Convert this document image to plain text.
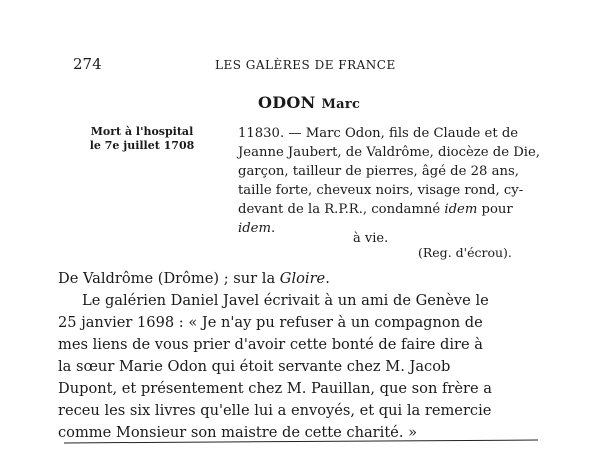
274	LES GALÈRES DE FRANCE
ODON Marc
Mort à l'hospital
le 7e juillet 1708
11830. — Marc Odon, fils de Claude et de
Jeanne Jaubert, de Valdrôme, diocèze de Die,
garçon, tailleur de pierres, âgé de 28 ans,
taille forte, cheveux noirs, visage rond, cy-
devant de la R.P.R., condamné idem pour
idem.
à vie.
(Reg. d'écrou).
De Valdrôme (Drôme) ; sur la Gloire.
Le galérien Daniel Javel écrivait à un ami de Genève le
25 janvier 1698 : « Je n'ay pu refuser à un compagnon de
mes liens de vous prier d'avoir cette bonté de faire dire à
la sœur Marie Odon qui étoit servante chez M. Jacob
Dupont, et présentement chez M. Pauillan, que son frère a
receu les six livres qu'elle lui a envoyés, et qui la remercie
comme Monsieur son maistre de cette charité. »
